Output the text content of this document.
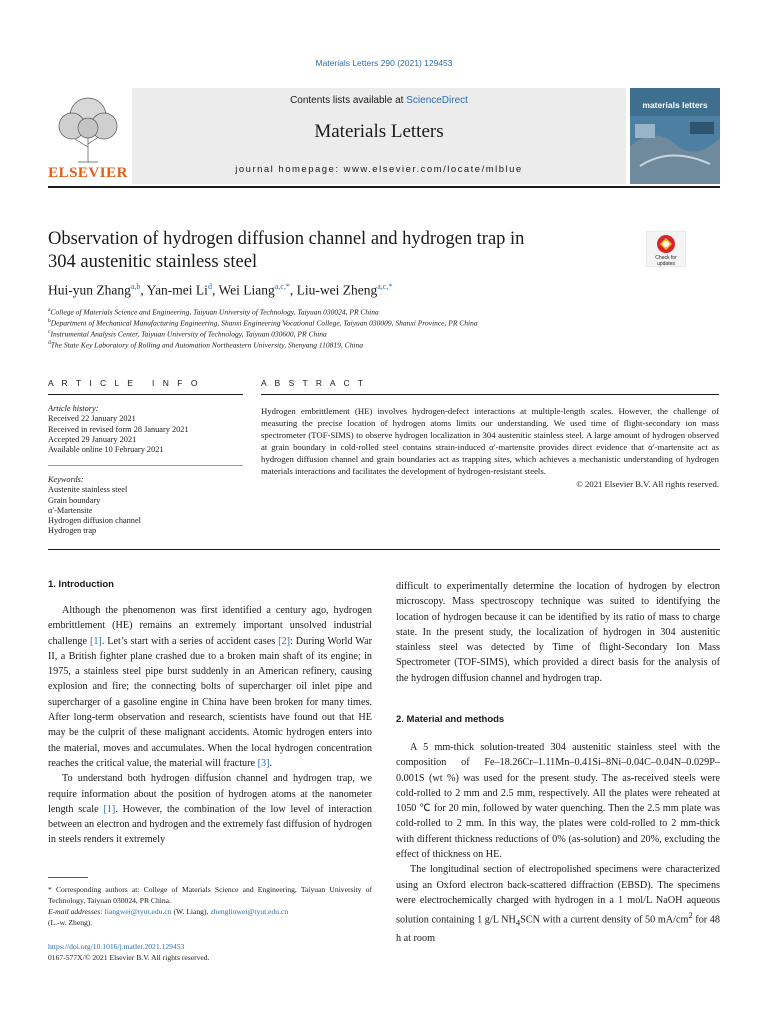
Materials Letters 290 (2021) 129453
ELSEVIER
Contents lists available at ScienceDirect
Materials Letters
journal homepage: www.elsevier.com/locate/mlblue
materials letters
Observation of hydrogen diffusion channel and hydrogen trap in
304 austenitic stainless steel	Check for updates
Hui-yun Zhang$^{a,b}$, Yan-mei Li$^d$, Wei Liang$^{a,c,*}$, Liu-wei Zheng$^{a,c,*}$
$^a$College of Materials Science and Engineering, Taiyuan University of Technology, Taiyuan 030024, PR China
$^b$Department of Mechanical Manufacturing Engineering, Shanxi Engineering Vocational College, Taiyuan 030009, Shanxi Province, PR China
$^c$Instrumental Analysis Center, Taiyuan University of Technology, Taiyuan 030600, PR China
$^d$The State Key Laboratory of Rolling and Automation Northeastern University, Shenyang 110819, China
A R T I C L E   I N F O
Article history:
Received 22 January 2021
Received in revised form 28 January 2021
Accepted 29 January 2021
Available online 10 February 2021
Keywords:
Austenite stainless steel
Grain boundary
α′-Martensite
Hydrogen diffusion channel
Hydrogen trap
A B S T R A C T
Hydrogen embrittlement (HE) involves hydrogen-defect interactions at multiple-length scales. However, the challenge of measuring the precise location of hydrogen atoms limits our understanding. We used time of flight-secondary ion mass spectrometer (TOF-SIMS) to observe hydrogen localization in 304 austenitic stainless steel. A large amount of hydrogen observed at grain boundary in cold-rolled steel contains strain-induced α′-martensite provides direct evidence that α′-martensite act as hydrogen diffusion channel and grain boundaries act as trapping sites, which achieves a mechanistic understanding of hydrogen materials interactions and facilitates the development of hydrogen-resistant steels.
© 2021 Elsevier B.V. All rights reserved.
1. Introduction

Although the phenomenon was first identified a century ago, hydrogen embrittlement (HE) remains an extremely important unsolved industrial challenge [1]. Let’s start with a series of accident cases [2]: During World War II, a British fighter plane crashed due to a broken main shaft of its engine; in 1975, a stainless steel pipe burst suddenly in an American refinery, causing explosion and fire; the connecting bolts of supercharger oil inlet pipe and supercharger of a gasoline engine in China have been broken for many times. After long-term observation and research, scientists have found out that HE may be the culprit of these malignant accidents. Atomic hydrogen enters into the material, moves and accumulates. When the local hydrogen concentration reaches the critical value, the material will fracture [3].

To understand both hydrogen diffusion channel and hydrogen trap, we require information about the position of hydrogen atoms at the nanometer length scale [1]. However, the combination of the low level of interaction between an electron and hydrogen and the extremely fast diffusion of hydrogen in steels renders it extremely

* Corresponding authors at: College of Materials Science and Engineering, Taiyuan University of Technology, Taiyuan 030024, PR China.
E-mail addresses: liangwei@tyut.edu.cn (W. Liang), zhengliuwei@tyut.edu.cn
(L.-w. Zheng).
https://doi.org/10.1016/j.matlet.2021.129453
0167-577X/© 2021 Elsevier B.V. All rights reserved.

difficult to experimentally determine the location of hydrogen by electron microscopy. Mass spectroscopy technique was suited to identifying the location of hydrogen because it can be identified by its ratio of mass to charge state. In the present study, the localization of hydrogen in 304 austenitic stainless steel was detected by Time of flight-Secondary Ion Mass Spectrometer (TOF-SIMS), which provided a direct basis for the analysis of the hydrogen diffusion channel and hydrogen trap.

2. Material and methods

A 5 mm-thick solution-treated 304 austenitic stainless steel with the composition of Fe–18.26Cr–1.11Mn–0.41Si–8Ni–0.04C–0.04N–0.029P–0.001S (wt %) was used for the present study. The as-received steels were cold-rolled to 2 mm and 2.5 mm, respectively. All the plates were reheated at 1050 ℃ for 20 min, followed by water quenching. Then the 2.5 mm plate was cold-rolled to 2 mm. In this way, the plates were cold-rolled to 2 mm-thick with different thickness reductions of 0% (as-solution) and 20%, excluding the effect of thickness on HE.

The longitudinal section of electropolished specimens were characterized using an Oxford electron back-scattered diffraction (EBSD). The specimens were electrochemically charged with hydrogen in a 1 mol/L NaOH aqueous solution containing 1 g/L $NH_4SCN$ with a current density of 50 $mA/cm^2$ for 48 h at room
